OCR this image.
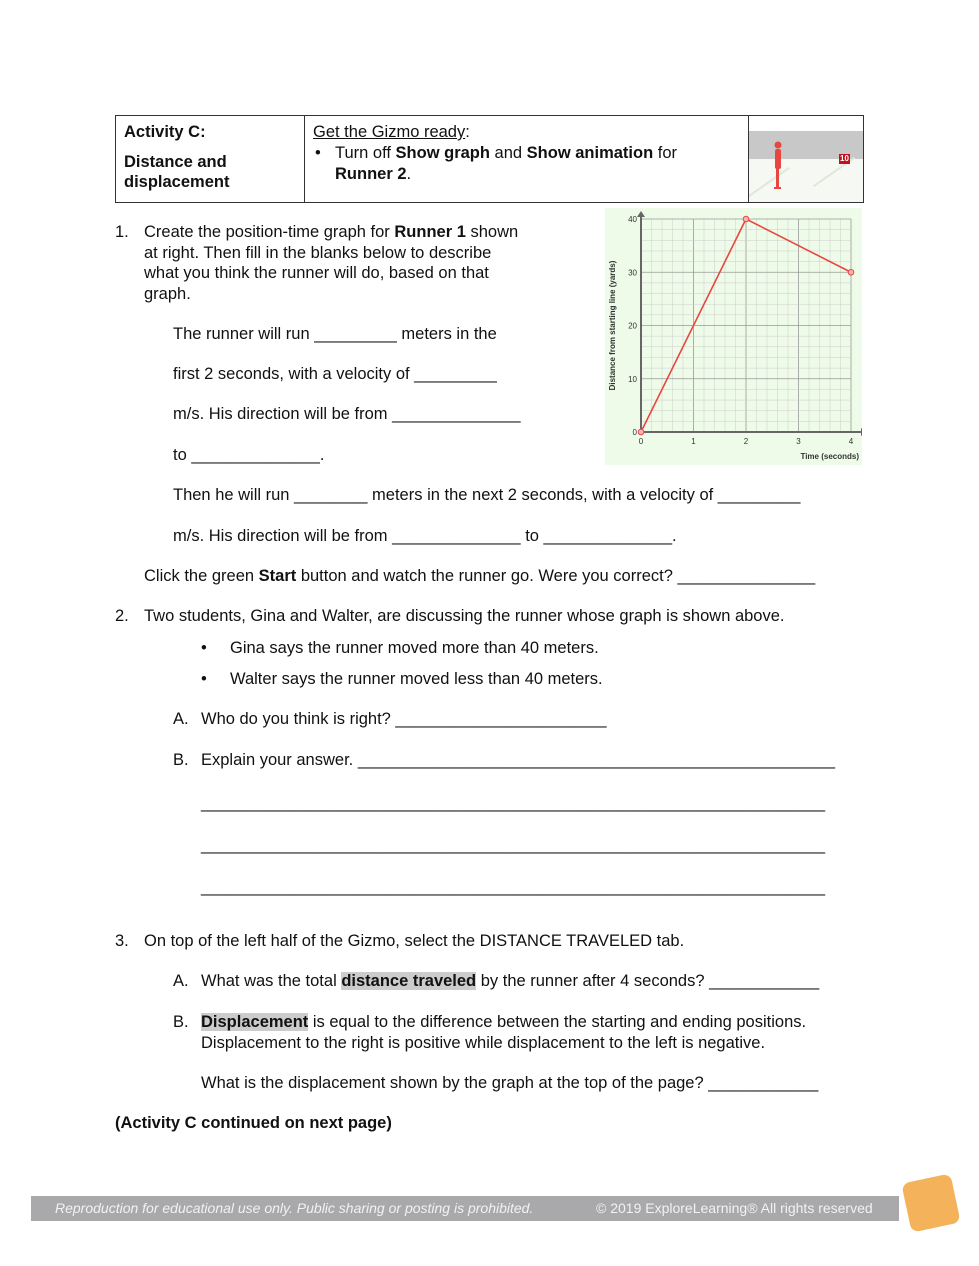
Activity C:
Distance and
displacement

Get the Gizmo ready:
• Turn off Show graph and Show animation for
Runner 2.

10
1. Create the position-time graph for Runner 1 shown
at right. Then fill in the blanks below to describe
what you think the runner will do, based on that
graph.
The runner will run _________ meters in the
first 2 seconds, with a velocity of _________
m/s. His direction will be from ______________
to ______________.
Then he will run ________ meters in the next 2 seconds, with a velocity of _________
m/s. His direction will be from ______________ to ______________.
Click the green Start button and watch the runner go. Were you correct? _______________
0	1	2	3	4
0
10
20
30
40
Time (seconds)
Distance from starting line (yards)
2. Two students, Gina and Walter, are discussing the runner whose graph is shown above.
• Gina says the runner moved more than 40 meters.
• Walter says the runner moved less than 40 meters.
A. Who do you think is right? _______________________
B. Explain your answer. ____________________________________________________
____________________________________________________________________
____________________________________________________________________
____________________________________________________________________
3. On top of the left half of the Gizmo, select the DISTANCE TRAVELED tab.
A. What was the total distance traveled by the runner after 4 seconds? ____________
B. Displacement is equal to the difference between the starting and ending positions.
Displacement to the right is positive while displacement to the left is negative.
What is the displacement shown by the graph at the top of the page? ____________
(Activity C continued on next page)
Reproduction for educational use only. Public sharing or posting is prohibited.	© 2019 ExploreLearning® All rights reserved
